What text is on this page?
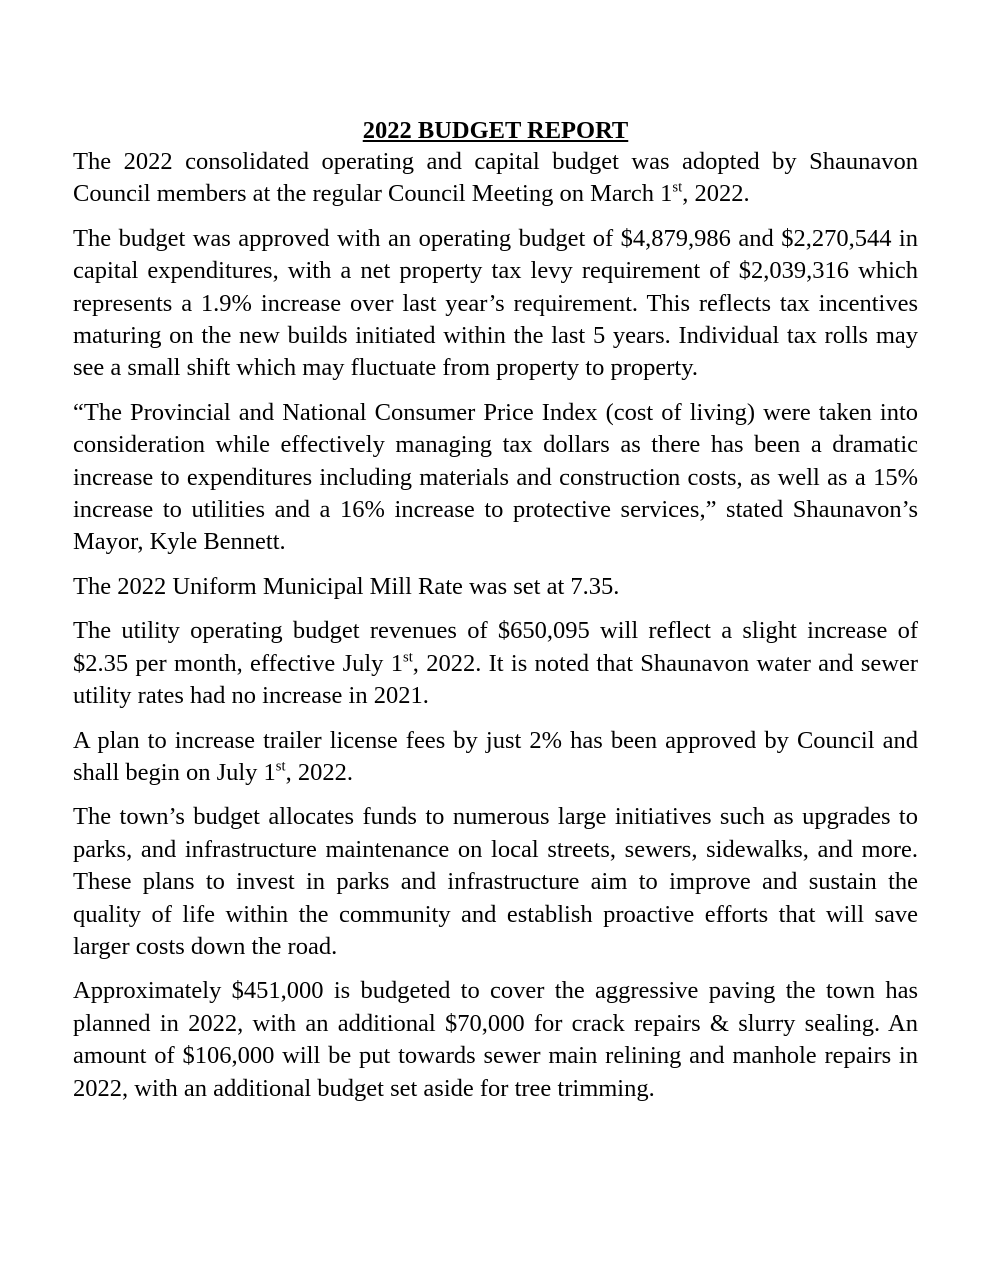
2022 BUDGET REPORT

The 2022 consolidated operating and capital budget was adopted by Shaunavon Council members at the regular Council Meeting on March 1st, 2022.

The budget was approved with an operating budget of $4,879,986 and $2,270,544 in capital expenditures, with a net property tax levy requirement of $2,039,316 which represents a 1.9% increase over last year’s requirement. This reflects tax incentives maturing on the new builds initiated within the last 5 years. Individual tax rolls may see a small shift which may fluctuate from property to property.

“The Provincial and National Consumer Price Index (cost of living) were taken into consideration while effectively managing tax dollars as there has been a dramatic increase to expenditures including materials and construction costs, as well as a 15% increase to utilities and a 16% increase to protective services,” stated Shaunavon’s Mayor, Kyle Bennett.

The 2022 Uniform Municipal Mill Rate was set at 7.35.

The utility operating budget revenues of $650,095 will reflect a slight increase of $2.35 per month, effective July 1st, 2022. It is noted that Shaunavon water and sewer utility rates had no increase in 2021.

A plan to increase trailer license fees by just 2% has been approved by Council and shall begin on July 1st, 2022.

The town’s budget allocates funds to numerous large initiatives such as upgrades to parks, and infrastructure maintenance on local streets, sewers, sidewalks, and more. These plans to invest in parks and infrastructure aim to improve and sustain the quality of life within the community and establish proactive efforts that will save larger costs down the road.

Approximately $451,000 is budgeted to cover the aggressive paving the town has planned in 2022, with an additional $70,000 for crack repairs & slurry sealing. An amount of $106,000 will be put towards sewer main relining and manhole repairs in 2022, with an additional budget set aside for tree trimming.
